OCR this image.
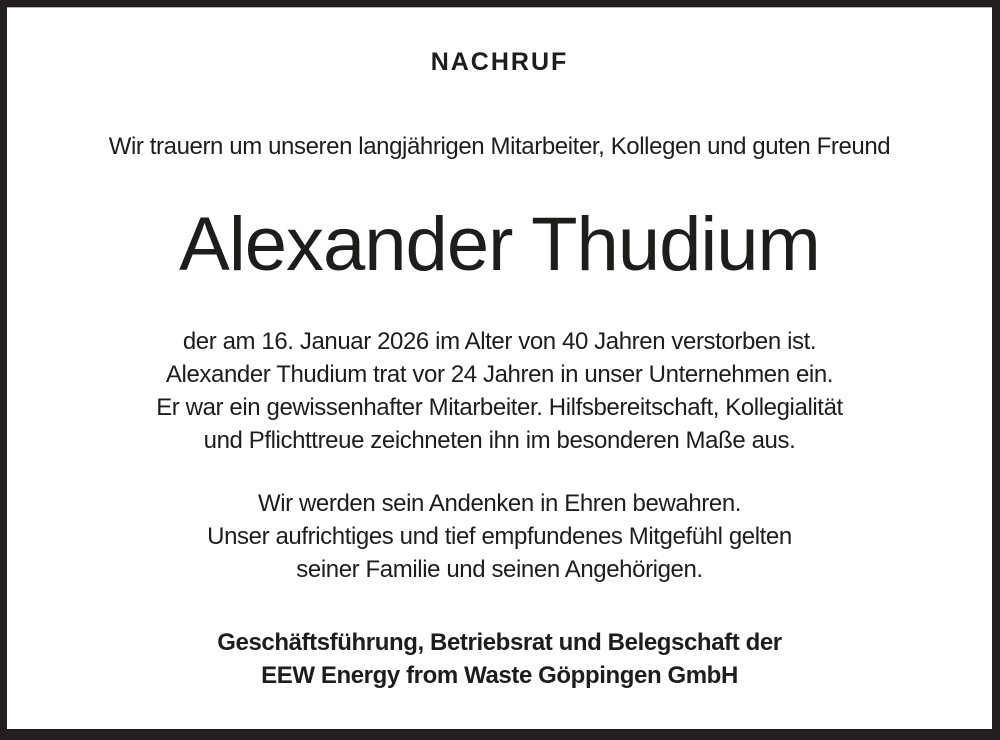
NACHRUF

Wir trauern um unseren langjährigen Mitarbeiter, Kollegen und guten Freund

Alexander Thudium
der am 16. Januar 2026 im Alter von 40 Jahren verstorben ist.
Alexander Thudium trat vor 24 Jahren in unser Unternehmen ein.
Er war ein gewissenhafter Mitarbeiter. Hilfsbereitschaft, Kollegialität
und Pflichttreue zeichneten ihn im besonderen Maße aus.
Wir werden sein Andenken in Ehren bewahren.
Unser aufrichtiges und tief empfundenes Mitgefühl gelten
seiner Familie und seinen Angehörigen.
Geschäftsführung, Betriebsrat und Belegschaft der
EEW Energy from Waste Göppingen GmbH
